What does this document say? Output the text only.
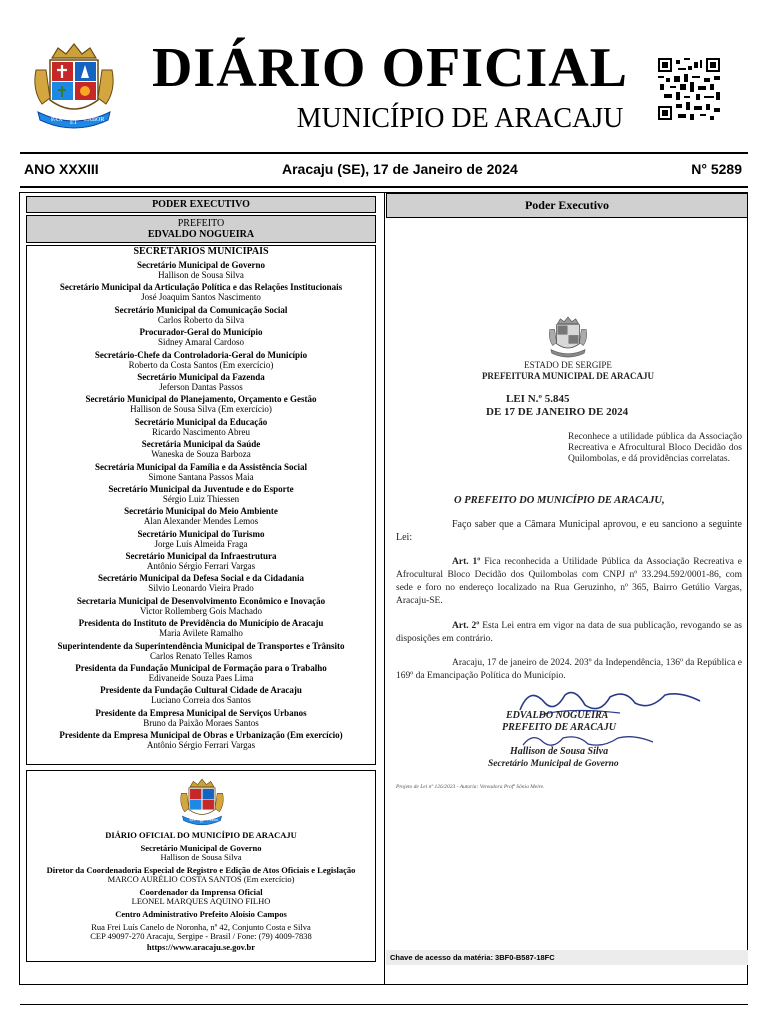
PAX ET LABOR
DIÁRIO OFICIAL
MUNICÍPIO DE ARACAJU
ANO XXXIII	Aracaju (SE), 17 de Janeiro de 2024	N° 5289
PODER EXECUTIVO
PREFEITO
EDVALDO NOGUEIRA
SECRETÁRIOS MUNICIPAIS
Secretário Municipal de Governo
Hallison de Sousa Silva
Secretário Municipal da Articulação Política e das Relações Institucionais
José Joaquim Santos Nascimento
Secretário Municipal da Comunicação Social
Carlos Roberto da Silva
Procurador-Geral do Município
Sidney Amaral Cardoso
Secretário-Chefe da Controladoria-Geral do Município
Roberto da Costa Santos (Em exercício)
Secretário Municipal da Fazenda
Jeferson Dantas Passos
Secretário Municipal do Planejamento, Orçamento e Gestão
Hallison de Sousa Silva (Em exercício)
Secretário Municipal da Educação
Ricardo Nascimento Abreu
Secretária Municipal da Saúde
Waneska de Souza Barboza
Secretária Municipal da Família e da Assistência Social
Simone Santana Passos Maia
Secretário Municipal da Juventude e do Esporte
Sérgio Luiz Thiessen
Secretário Municipal do Meio Ambiente
Alan Alexander Mendes Lemos
Secretário Municipal do Turismo
Jorge Luís Almeida Fraga
Secretário Municipal da Infraestrutura
Antônio Sérgio Ferrari Vargas
Secretário Municipal da Defesa Social e da Cidadania
Silvio Leonardo Vieira Prado
Secretaria Municipal de Desenvolvimento Econômico e Inovação
Victor Rollemberg Gois Machado
Presidenta do Instituto de Previdência do Município de Aracaju
Maria Avilete Ramalho
Superintendente da Superintendência Municipal de Transportes e Trânsito
Carlos Renato Telles Ramos
Presidenta da Fundação Municipal de Formação para o Trabalho
Edivaneide Souza Paes Lima
Presidente da Fundação Cultural Cidade de Aracaju
Luciano Correia dos Santos
Presidente da Empresa Municipal de Serviços Urbanos
Bruno da Paixão Moraes Santos
Presidente da Empresa Municipal de Obras e Urbanização (Em exercício)
Antônio Sérgio Ferrari Vargas
PAX ET LABOR

DIÁRIO OFICIAL DO MUNICÍPIO DE ARACAJU

Secretário Municipal de Governo

Hallison de Sousa Silva

Diretor da Coordenadoria Especial de Registro e Edição de Atos Oficiais e Legislação

MARCO AURÉLIO COSTA SANTOS (Em exercício)

Coordenador da Imprensa Oficial

LEONEL MARQUES AQUINO FILHO

Centro Administrativo Prefeito Aloísio Campos

Rua Frei Luís Canelo de Noronha, nº 42, Conjunto Costa e Silva

CEP 49097-270 Aracaju, Sergipe - Brasil / Fone: (79) 4009-7838

https://www.aracaju.se.gov.br

Poder Executivo

ESTADO DE SERGIPE

PREFEITURA MUNICIPAL DE ARACAJU

LEI N.º 5.845

DE 17 DE JANEIRO DE 2024

Reconhece a utilidade pública da Associação Recreativa e Afrocultural Bloco Decidão dos Quilombolas, e dá providências correlatas.

O PREFEITO DO MUNICÍPIO DE ARACAJU,

Faço saber que a Câmara Municipal aprovou, e eu sanciono a seguinte Lei:

Art. 1º Fica reconhecida a Utilidade Pública da Associação Recreativa e Afrocultural Bloco Decidão dos Quilombolas com CNPJ nº 33.294.592/0001-86, com sede e foro no endereço localizado na Rua Geruzinho, nº 365, Bairro Getúlio Vargas, Aracaju-SE.

Art. 2º Esta Lei entra em vigor na data de sua publicação, revogando se as disposições em contrário.

Aracaju, 17 de janeiro de 2024. 203º da Independência, 136º da República e 169º da Emancipação Política do Município.

EDVALDO NOGUEIRA

PREFEITO DE ARACAJU

Hallison de Sousa Silva

Secretário Municipal de Governo

Projeto de Lei nº 126/2023 - Autoria: Vereadora Profª Sônia Meire.

Chave de acesso da matéria: 3BF0-B587-18FC
